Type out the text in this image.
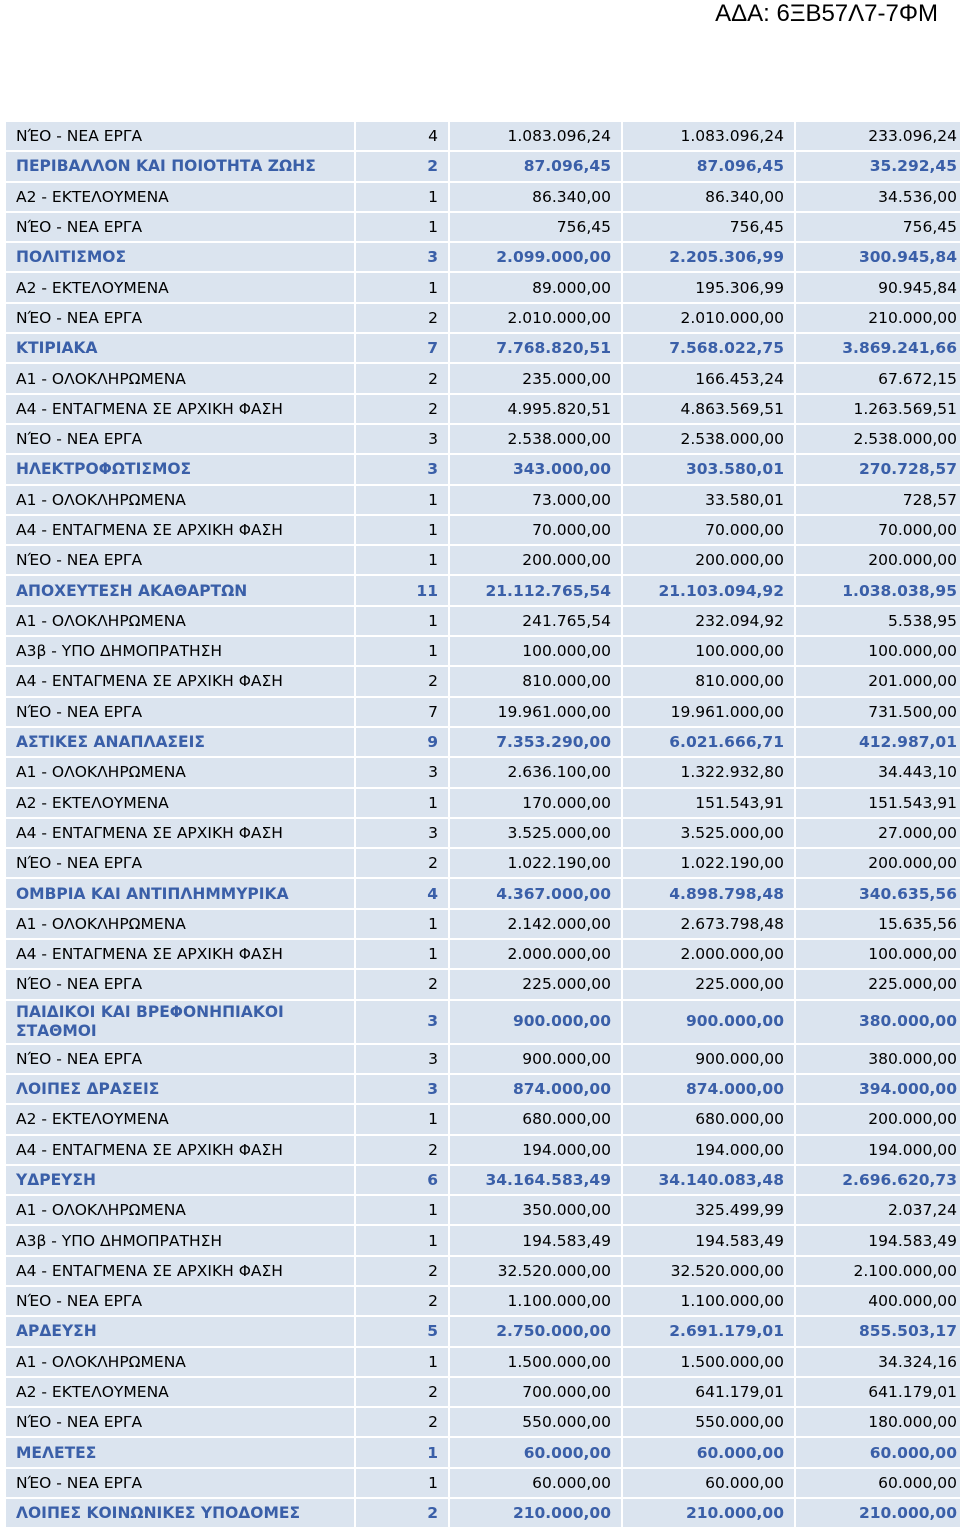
ΑΔΑ: 6ΞΒ57Λ7-7ΦΜ
ΝΈΟ - ΝΕΑ ΕΡΓΑ	4	1.083.096,24	1.083.096,24	233.096,24
ΠΕΡΙΒΑΛΛΟΝ ΚΑΙ ΠΟΙΟΤΗΤΑ ΖΩΗΣ	2	87.096,45	87.096,45	35.292,45
Α2 - ΕΚΤΕΛΟΥΜΕΝΑ	1	86.340,00	86.340,00	34.536,00
ΝΈΟ - ΝΕΑ ΕΡΓΑ	1	756,45	756,45	756,45
ΠΟΛΙΤΙΣΜΟΣ	3	2.099.000,00	2.205.306,99	300.945,84
Α2 - ΕΚΤΕΛΟΥΜΕΝΑ	1	89.000,00	195.306,99	90.945,84
ΝΈΟ - ΝΕΑ ΕΡΓΑ	2	2.010.000,00	2.010.000,00	210.000,00
ΚΤΙΡΙΑΚΑ	7	7.768.820,51	7.568.022,75	3.869.241,66
Α1 - ΟΛΟΚΛΗΡΩΜΕΝΑ	2	235.000,00	166.453,24	67.672,15
Α4 - ΕΝΤΑΓΜΕΝΑ ΣΕ ΑΡΧΙΚΗ ΦΑΣΗ	2	4.995.820,51	4.863.569,51	1.263.569,51
ΝΈΟ - ΝΕΑ ΕΡΓΑ	3	2.538.000,00	2.538.000,00	2.538.000,00
ΗΛΕΚΤΡΟΦΩΤΙΣΜΟΣ	3	343.000,00	303.580,01	270.728,57
Α1 - ΟΛΟΚΛΗΡΩΜΕΝΑ	1	73.000,00	33.580,01	728,57
Α4 - ΕΝΤΑΓΜΕΝΑ ΣΕ ΑΡΧΙΚΗ ΦΑΣΗ	1	70.000,00	70.000,00	70.000,00
ΝΈΟ - ΝΕΑ ΕΡΓΑ	1	200.000,00	200.000,00	200.000,00
ΑΠΟΧΕΥΤΕΣΗ ΑΚΑΘΑΡΤΩΝ	11	21.112.765,54	21.103.094,92	1.038.038,95
Α1 - ΟΛΟΚΛΗΡΩΜΕΝΑ	1	241.765,54	232.094,92	5.538,95
Α3β - ΥΠΟ ΔΗΜΟΠΡΑΤΗΣΗ	1	100.000,00	100.000,00	100.000,00
Α4 - ΕΝΤΑΓΜΕΝΑ ΣΕ ΑΡΧΙΚΗ ΦΑΣΗ	2	810.000,00	810.000,00	201.000,00
ΝΈΟ - ΝΕΑ ΕΡΓΑ	7	19.961.000,00	19.961.000,00	731.500,00
ΑΣΤΙΚΕΣ ΑΝΑΠΛΑΣΕΙΣ	9	7.353.290,00	6.021.666,71	412.987,01
Α1 - ΟΛΟΚΛΗΡΩΜΕΝΑ	3	2.636.100,00	1.322.932,80	34.443,10
Α2 - ΕΚΤΕΛΟΥΜΕΝΑ	1	170.000,00	151.543,91	151.543,91
Α4 - ΕΝΤΑΓΜΕΝΑ ΣΕ ΑΡΧΙΚΗ ΦΑΣΗ	3	3.525.000,00	3.525.000,00	27.000,00
ΝΈΟ - ΝΕΑ ΕΡΓΑ	2	1.022.190,00	1.022.190,00	200.000,00
ΟΜΒΡΙΑ ΚΑΙ ΑΝΤΙΠΛΗΜΜΥΡΙΚΑ	4	4.367.000,00	4.898.798,48	340.635,56
Α1 - ΟΛΟΚΛΗΡΩΜΕΝΑ	1	2.142.000,00	2.673.798,48	15.635,56
Α4 - ΕΝΤΑΓΜΕΝΑ ΣΕ ΑΡΧΙΚΗ ΦΑΣΗ	1	2.000.000,00	2.000.000,00	100.000,00
ΝΈΟ - ΝΕΑ ΕΡΓΑ	2	225.000,00	225.000,00	225.000,00
ΠΑΙΔΙΚΟΙ ΚΑΙ ΒΡΕΦΟΝΗΠΙΑΚΟΙ ΣΤΑΘΜΟΙ	3	900.000,00	900.000,00	380.000,00
ΝΈΟ - ΝΕΑ ΕΡΓΑ	3	900.000,00	900.000,00	380.000,00
ΛΟΙΠΕΣ ΔΡΑΣΕΙΣ	3	874.000,00	874.000,00	394.000,00
Α2 - ΕΚΤΕΛΟΥΜΕΝΑ	1	680.000,00	680.000,00	200.000,00
Α4 - ΕΝΤΑΓΜΕΝΑ ΣΕ ΑΡΧΙΚΗ ΦΑΣΗ	2	194.000,00	194.000,00	194.000,00
ΥΔΡΕΥΣΗ	6	34.164.583,49	34.140.083,48	2.696.620,73
Α1 - ΟΛΟΚΛΗΡΩΜΕΝΑ	1	350.000,00	325.499,99	2.037,24
Α3β - ΥΠΟ ΔΗΜΟΠΡΑΤΗΣΗ	1	194.583,49	194.583,49	194.583,49
Α4 - ΕΝΤΑΓΜΕΝΑ ΣΕ ΑΡΧΙΚΗ ΦΑΣΗ	2	32.520.000,00	32.520.000,00	2.100.000,00
ΝΈΟ - ΝΕΑ ΕΡΓΑ	2	1.100.000,00	1.100.000,00	400.000,00
ΑΡΔΕΥΣΗ	5	2.750.000,00	2.691.179,01	855.503,17
Α1 - ΟΛΟΚΛΗΡΩΜΕΝΑ	1	1.500.000,00	1.500.000,00	34.324,16
Α2 - ΕΚΤΕΛΟΥΜΕΝΑ	2	700.000,00	641.179,01	641.179,01
ΝΈΟ - ΝΕΑ ΕΡΓΑ	2	550.000,00	550.000,00	180.000,00
ΜΕΛΕΤΕΣ	1	60.000,00	60.000,00	60.000,00
ΝΈΟ - ΝΕΑ ΕΡΓΑ	1	60.000,00	60.000,00	60.000,00
ΛΟΙΠΕΣ ΚΟΙΝΩΝΙΚΕΣ ΥΠΟΔΟΜΕΣ	2	210.000,00	210.000,00	210.000,00
